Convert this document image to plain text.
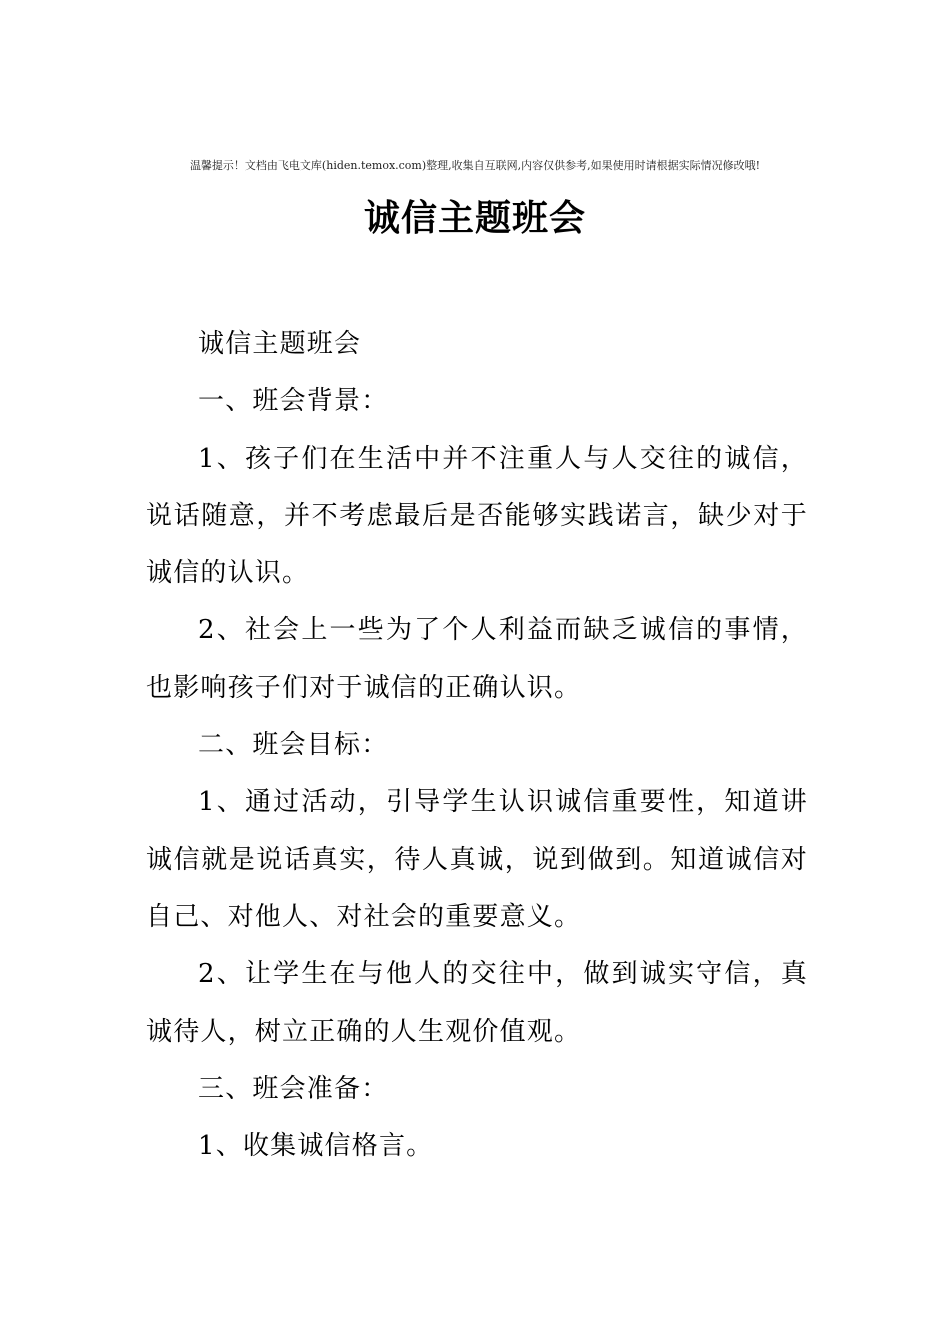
温馨提示！文档由飞电文库(hiden.temox.com)整理,收集自互联网,内容仅供参考,如果使用时请根据实际情况修改哦!
诚信主题班会

诚信主题班会

一、班会背景：

1、孩子们在生活中并不注重人与人交往的诚信，说话随意，并不考虑最后是否能够实践诺言，缺少对于诚信的认识。

2、社会上一些为了个人利益而缺乏诚信的事情，也影响孩子们对于诚信的正确认识。

二、班会目标：

1、通过活动，引导学生认识诚信重要性，知道讲诚信就是说话真实，待人真诚，说到做到。知道诚信对自己、对他人、对社会的重要意义。

2、让学生在与他人的交往中，做到诚实守信，真诚待人，树立正确的人生观价值观。

三、班会准备：

1、收集诚信格言。
